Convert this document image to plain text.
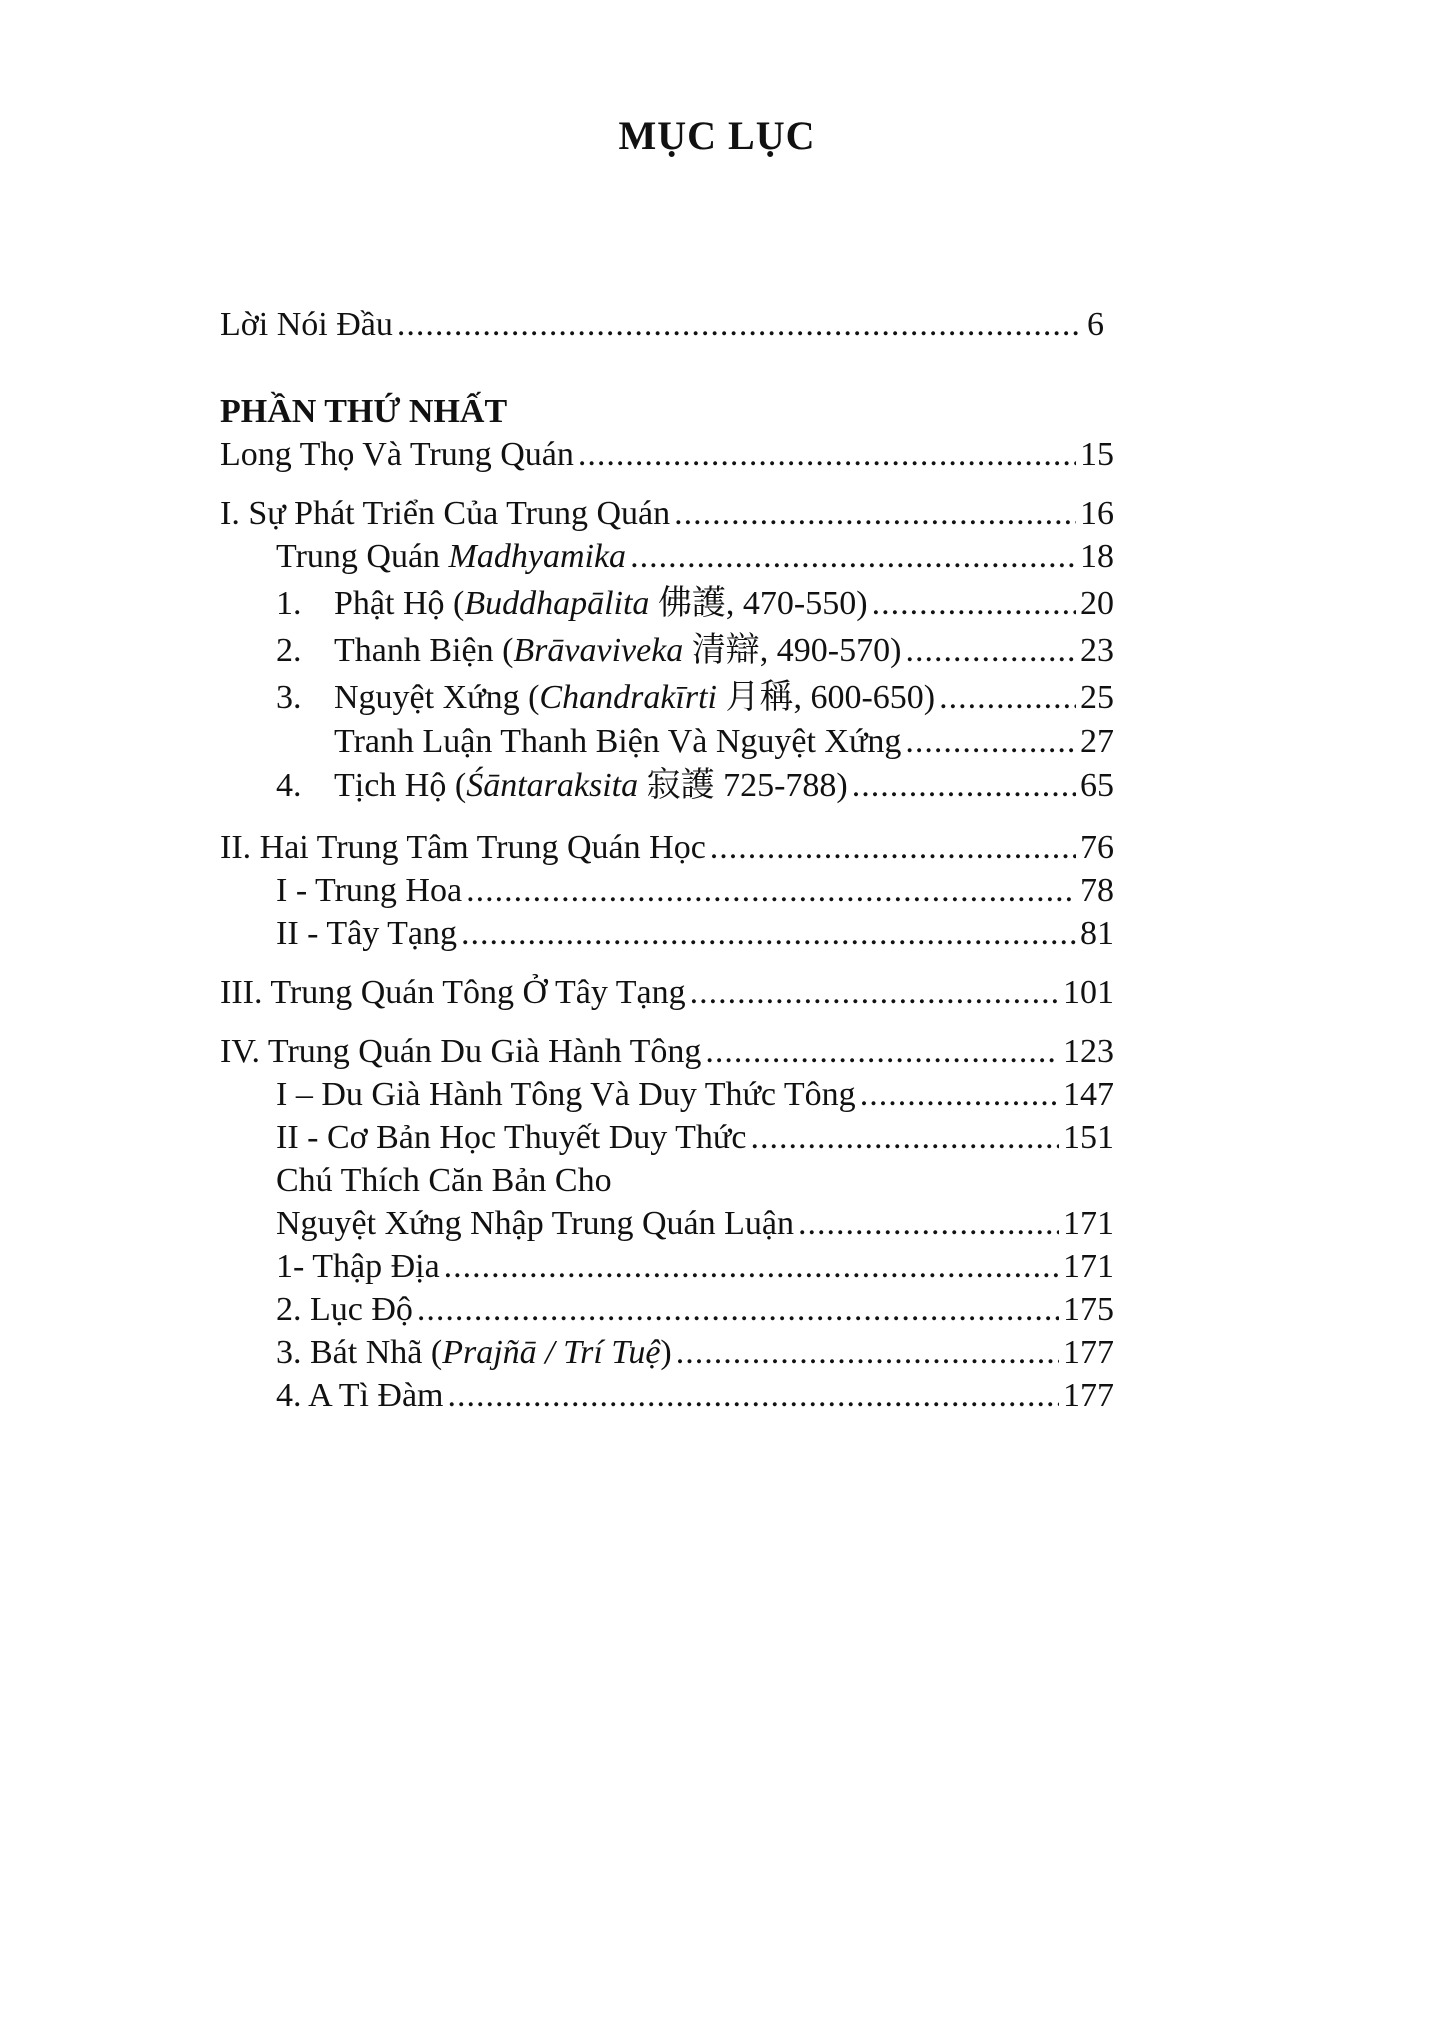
MỤC LỤC
Lời Nói Đầu .....	6
PHẦN THỨ NHẤT
Long Thọ Và Trung Quán .....	15
I. Sự Phát Triển Của Trung Quán .....	16
Trung Quán Madhyamika .....	18
1. Phật Hộ (Buddhapālita 佛護, 470-550) .....	20
2. Thanh Biện (Brāvaviveka 清辯, 490-570) .....	23
3. Nguyệt Xứng (Chandrakīrti 月稱, 600-650) .....	25
Tranh Luận Thanh Biện Và Nguyệt Xứng .....	27
4. Tịch Hộ (Śāntaraksita 寂護 725-788) .....	65
II. Hai Trung Tâm Trung Quán Học .....	76
I - Trung Hoa .....	78
II - Tây Tạng .....	81
III. Trung Quán Tông Ở Tây Tạng .....	101
IV. Trung Quán Du Già Hành Tông .....	123
I – Du Già Hành Tông Và Duy Thức Tông .....	147
II - Cơ Bản Học Thuyết Duy Thức .....	151
Chú Thích Căn Bản Cho
Nguyệt Xứng Nhập Trung Quán Luận .....	171
1- Thập Địa .....	171
2. Lục Độ .....	175
3. Bát Nhã (Prajñā / Trí Tuệ) .....	177
4. A Tì Đàm .....	177
